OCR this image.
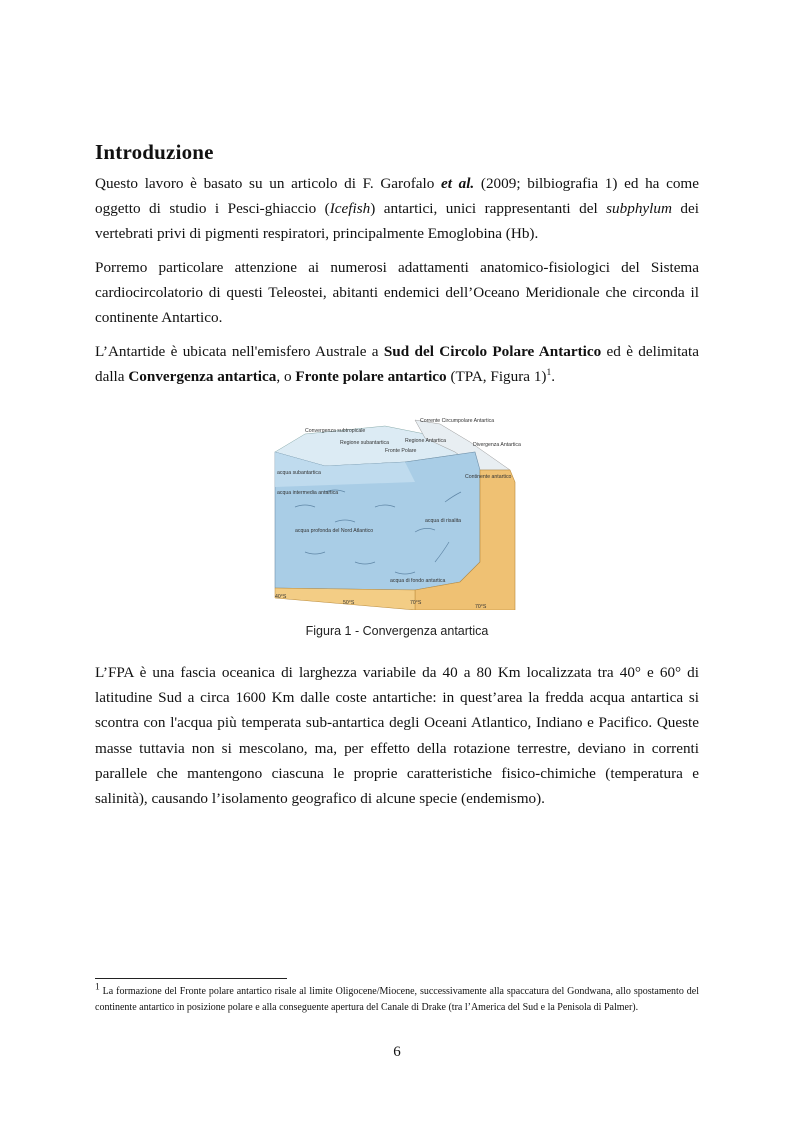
Introduzione

Questo lavoro è basato su un articolo di F. Garofalo et al. (2009; bilbiografia 1) ed ha come oggetto di studio i Pesci-ghiaccio (Icefish) antartici, unici rappresentanti del subphylum dei vertebrati privi di pigmenti respiratori, principalmente Emoglobina (Hb).

Porremo particolare attenzione ai numerosi adattamenti anatomico-fisiologici del Sistema cardiocircolatorio di questi Teleostei, abitanti endemici dell’Oceano Meridionale che circonda il continente Antartico.

L’Antartide è ubicata nell'emisfero Australe a Sud del Circolo Polare Antartico ed è delimitata dalla Convergenza antartica, o Fronte polare antartico (TPA, Figura 1)$^1$.

Convergenza subtropicale
Corrente Circumpolare Antartica
Regione subantartica
Fronte Polare
Regione Antartica
Divergenza Antartica
acqua subantartica
acqua intermedia antartica
Continente antartico
acqua profonda del Nord Atlantico
acqua di risalita
acqua di fondo antartica
40°S
50°S	70°S
70°S
Figura 1 - Convergenza antartica

L’FPA è una fascia oceanica di larghezza variabile da 40 a 80 Km localizzata tra 40° e 60° di latitudine Sud a circa 1600 Km dalle coste antartiche: in quest’area la fredda acqua antartica si scontra con l'acqua più temperata sub-antartica degli Oceani Atlantico, Indiano e Pacifico. Queste masse tuttavia non si mescolano, ma, per effetto della rotazione terrestre, deviano in correnti parallele che mantengono ciascuna le proprie caratteristiche fisico-chimiche (temperatura e salinità), causando l’isolamento geografico di alcune specie (endemismo).

$^1$ La formazione del Fronte polare antartico risale al limite Oligocene/Miocene, successivamente alla spaccatura del Gondwana, allo spostamento del continente antartico in posizione polare e alla conseguente apertura del Canale di Drake (tra l’America del Sud e la Penisola di Palmer).

6
